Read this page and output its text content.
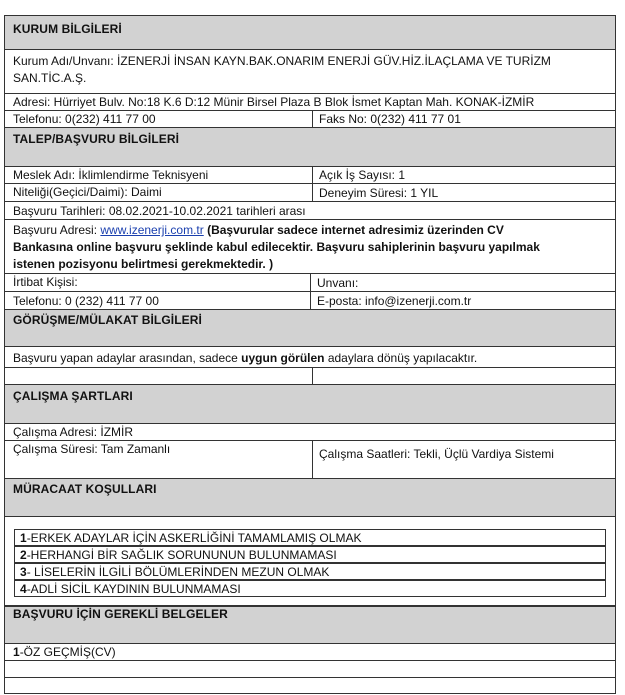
KURUM BİLGİLERİ
Kurum Adı/Unvanı: İZENERJİ İNSAN KAYN.BAK.ONARIM ENERJİ GÜV.HİZ.İLAÇLAMA VE TURİZM
SAN.TİC.A.Ş.
Adresi: Hürriyet Bulv. No:18 K.6 D:12 Münir Birsel Plaza B Blok İsmet Kaptan Mah. KONAK-İZMİR
Telefonu: 0(232) 411 77 00	Faks No: 0(232) 411 77 01
TALEP/BAŞVURU BİLGİLERİ
Meslek Adı: İklimlendirme Teknisyeni	Açık İş Sayısı: 1
Niteliği(Geçici/Daimi): Daimi	Deneyim Süresi: 1 YIL
Başvuru Tarihleri: 08.02.2021-10.02.2021 tarihleri arası
Başvuru Adresi: www.izenerji.com.tr (Başvurular sadece internet adresimiz üzerinden CV
Bankasına online başvuru şeklinde kabul edilecektir. Başvuru sahiplerinin başvuru yapılmak
istenen pozisyonu belirtmesi gerekmektedir. )
İrtibat Kişisi:	Unvanı:
Telefonu: 0 (232) 411 77 00	E-posta: info@izenerji.com.tr
GÖRÜŞME/MÜLAKAT BİLGİLERİ
Başvuru yapan adaylar arasından, sadece uygun görülen adaylara dönüş yapılacaktır.
ÇALIŞMA ŞARTLARI
Çalışma Adresi: İZMİR
Çalışma Süresi: Tam Zamanlı	Çalışma Saatleri: Tekli, Üçlü Vardiya Sistemi
MÜRACAAT KOŞULLARI
1-ERKEK ADAYLAR İÇİN ASKERLİĞİNİ TAMAMLAMIŞ OLMAK
2-HERHANGİ BİR SAĞLIK SORUNUNUN BULUNMAMASI
3- LİSELERİN İLGİLİ BÖLÜMLERİNDEN MEZUN OLMAK
4-ADLİ SİCİL KAYDININ BULUNMAMASI
BAŞVURU İÇİN GEREKLİ BELGELER
1-ÖZ GEÇMİŞ(CV)
